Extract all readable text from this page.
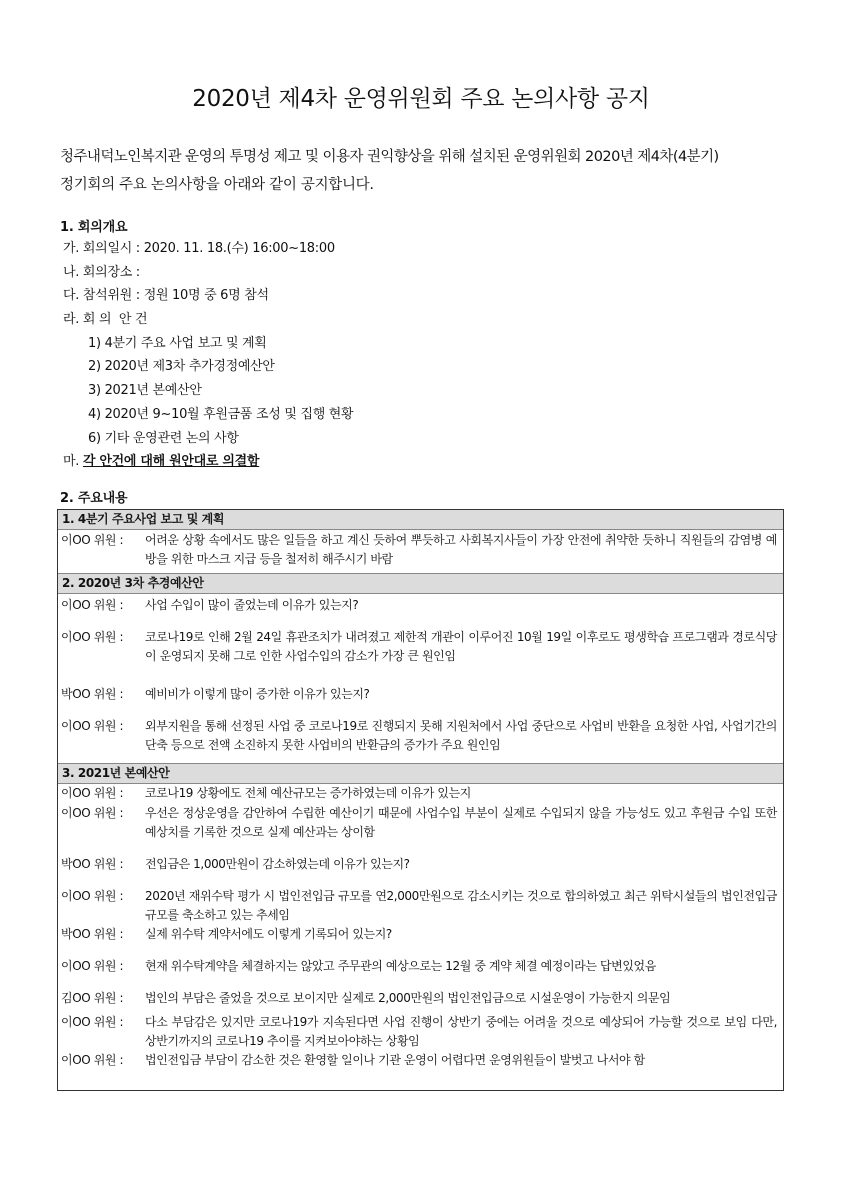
2020년 제4차 운영위원회 주요 논의사항 공지
청주내덕노인복지관 운영의 투명성 제고 및 이용자 권익향상을 위해 설치된 운영위원회 2020년 제4차(4분기)
정기회의 주요 논의사항을 아래와 같이 공지합니다.
1. 회의개요
가. 회의일시 : 2020. 11. 18.(수) 16:00~18:00
나. 회의장소 :
다. 참석위원 : 정원 10명 중 6명 참석
라. 회 의  안 건
1) 4분기 주요 사업 보고 및 계획
2) 2020년 제3차 추가경정예산안
3) 2021년 본예산안
4) 2020년 9~10월 후원금품 조성 및 집행 현황
6) 기타 운영관련 논의 사항
마. 각 안건에 대해 원안대로 의결함
2. 주요내용
1. 4분기 주요사업 보고 및 계획
이OO 위원 : 어려운 상황 속에서도 많은 일들을 하고 계신 듯하여 뿌듯하고 사회복지사들이 가장 안전에 취약한 듯하니 직원들의 감염병 예방을 위한 마스크 지급 등을 철저히 해주시기 바람
2. 2020년 3차 추경예산안
이OO 위원 : 사업 수입이 많이 줄었는데 이유가 있는지?
이OO 위원 : 코로나19로 인해 2월 24일 휴관조치가 내려졌고 제한적 개관이 이루어진 10월 19일 이후로도 평생학습 프로그램과 경로식당이 운영되지 못해 그로 인한 사업수입의 감소가 가장 큰 원인임
박OO 위원 : 예비비가 이렇게 많이 증가한 이유가 있는지?
이OO 위원 : 외부지원을 통해 선정된 사업 중 코로나19로 진행되지 못해 지원처에서 사업 중단으로 사업비 반환을 요청한 사업, 사업기간의 단축 등으로 전액 소진하지 못한 사업비의 반환금의 증가가 주요 원인임
3. 2021년 본예산안
이OO 위원 : 코로나19 상황에도 전체 예산규모는 증가하였는데 이유가 있는지
이OO 위원 : 우선은 정상운영을 감안하여 수립한 예산이기 때문에 사업수입 부분이 실제로 수입되지 않을 가능성도 있고 후원금 수입 또한 예상치를 기록한 것으로 실제 예산과는 상이함
박OO 위원 : 전입금은 1,000만원이 감소하였는데 이유가 있는지?
이OO 위원 : 2020년 재위수탁 평가 시 법인전입금 규모를 연2,000만원으로 감소시키는 것으로 합의하였고 최근 위탁시설들의 법인전입금 규모를 축소하고 있는 추세임
박OO 위원 : 실제 위수탁 계약서에도 이렇게 기록되어 있는지?
이OO 위원 : 현재 위수탁계약을 체결하지는 않았고 주무관의 예상으로는 12월 중 계약 체결 예정이라는 답변있었음
김OO 위원 : 법인의 부담은 줄었을 것으로 보이지만 실제로 2,000만원의 법인전입금으로 시설운영이 가능한지 의문임
이OO 위원 : 다소 부담감은 있지만 코로나19가 지속된다면 사업 진행이 상반기 중에는 어려울 것으로 예상되어 가능할 것으로 보임 다만, 상반기까지의 코로나19 추이를 지켜보아야하는 상황임
이OO 위원 : 법인전입금 부담이 감소한 것은 환영할 일이나 기관 운영이 어렵다면 운영위원들이 발벗고 나서야 함
